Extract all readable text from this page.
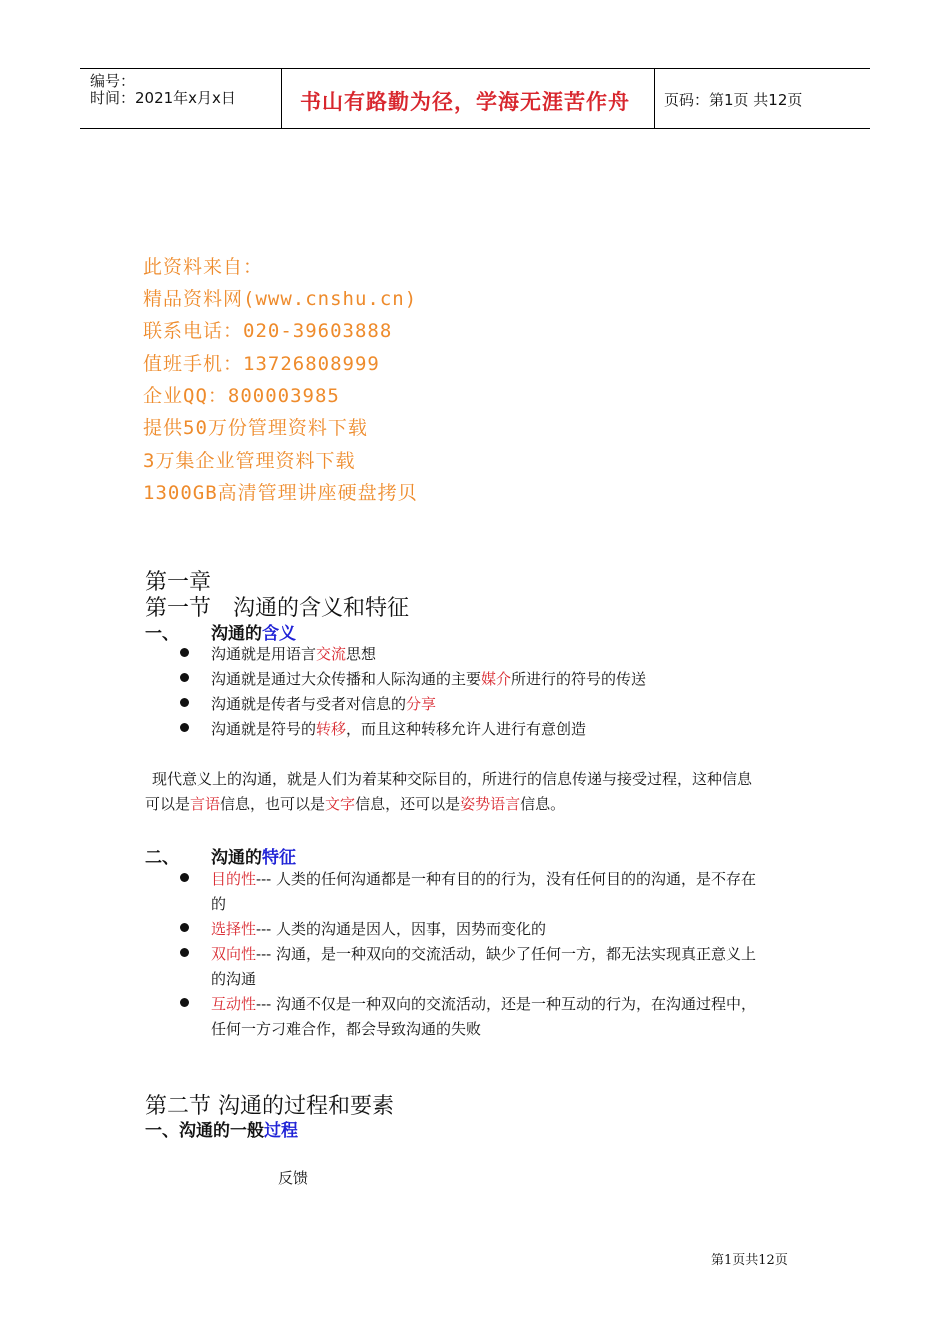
编号：
时间：2021年x月x日	书山有路勤为径，学海无涯苦作舟 页码：第1页 共12页
此资料来自：
精品资料网(www.cnshu.cn)
联系电话：020-39603888
值班手机：13726808999
企业QQ：800003985
提供50万份管理资料下载
3万集企业管理资料下载
1300GB高清管理讲座硬盘拷贝
第一章
第一节　沟通的含义和特征
一、 沟通的含义
沟通就是用语言交流思想
沟通就是通过大众传播和人际沟通的主要媒介所进行的符号的传送
沟通就是传者与受者对信息的分享
沟通就是符号的转移，而且这种转移允许人进行有意创造
现代意义上的沟通，就是人们为着某种交际目的，所进行的信息传递与接受过程，这种信息
可以是言语信息，也可以是文字信息，还可以是姿势语言信息。
二、 沟通的特征
目的性--- 人类的任何沟通都是一种有目的的行为，没有任何目的的沟通，是不存在
的
选择性--- 人类的沟通是因人，因事，因势而变化的
双向性--- 沟通，是一种双向的交流活动，缺少了任何一方，都无法实现真正意义上
的沟通
互动性--- 沟通不仅是一种双向的交流活动，还是一种互动的行为，在沟通过程中，
任何一方刁难合作，都会导致沟通的失败
第二节 沟通的过程和要素
一、沟通的一般过程
反馈
第1页共12页
